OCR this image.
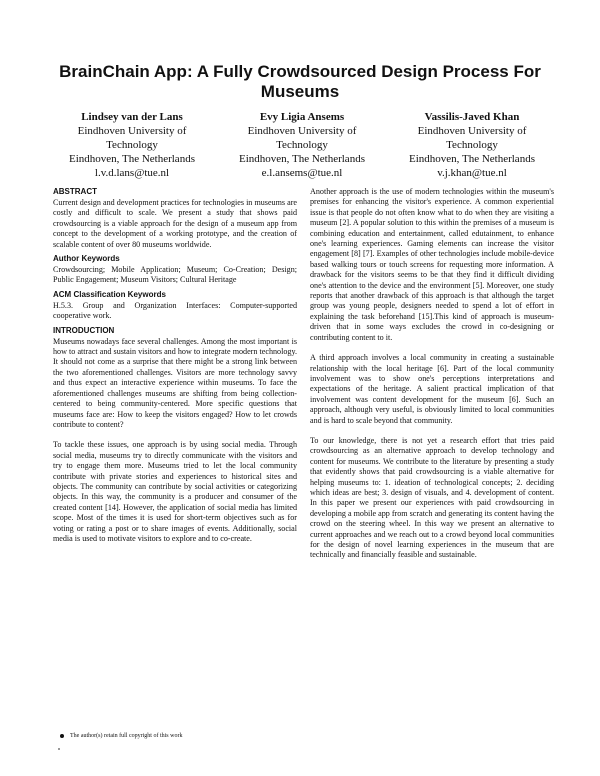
BrainChain App: A Fully Crowdsourced Design Process For Museums
Lindsey van der Lans
Eindhoven University of Technology
Eindhoven, The Netherlands
l.v.d.lans@tue.nl
Evy Ligia Ansems
Eindhoven University of Technology
Eindhoven, The Netherlands
e.l.ansems@tue.nl
Vassilis-Javed Khan
Eindhoven University of Technology
Eindhoven, The Netherlands
v.j.khan@tue.nl
ABSTRACT

Current design and development practices for technologies in museums are costly and difficult to scale. We present a study that shows paid crowdsourcing is a viable approach for the design of a museum app from concept to the development of a working prototype, and the creation of scalable content of over 80 museums worldwide.

Author Keywords

Crowdsourcing; Mobile Application; Museum; Co-Creation; Design; Public Engagement; Museum Visitors; Cultural Heritage

ACM Classification Keywords

H.5.3. Group and Organization Interfaces: Computer-supported cooperative work.

INTRODUCTION

Museums nowadays face several challenges. Among the most important is how to attract and sustain visitors and how to integrate modern technology. It should not come as a surprise that there might be a strong link between the two aforementioned challenges. Visitors are more technology savvy and thus expect an interactive experience within museums. To face the aforementioned challenges museums are shifting from being collection-centered to being community-centered. More specific questions that museums face are: How to keep the visitors engaged? How to let crowds contribute to content?

To tackle these issues, one approach is by using social media. Through social media, museums try to directly communicate with the visitors and try to engage them more. Museums tried to let the local community contribute with private stories and experiences to historical sites and objects. The community can contribute by social activities or categorizing objects. In this way, the community is a producer and consumer of the created content [14]. However, the application of social media has limited scope. Most of the times it is used for short-term objectives such as for voting or rating a post or to share images of events. Additionally, social media is used to motivate visitors to explore and to co-create.

Another approach is the use of modern technologies within the museum's premises for enhancing the visitor's experience. A common experiential issue is that people do not often know what to do when they are visiting a museum [2]. A popular solution to this within the premises of a museum is combining education and entertainment, called edutainment, to enhance one's learning experiences. Gaming elements can increase the visitor engagement [8] [7]. Examples of other technologies include mobile-device based walking tours or touch screens for requesting more information. A drawback for the visitors seems to be that they find it difficult dividing one's attention to the device and the environment [5]. Moreover, one study reports that another drawback of this approach is that although the target group was young people, designers needed to spend a lot of effort in explaining the task beforehand [15].This kind of approach is museum-driven that in some ways excludes the crowd in co-designing or contributing content to it.

A third approach involves a local community in creating a sustainable relationship with the local heritage [6]. Part of the local community involvement was to show one's perceptions interpretations and expectations of the heritage. A salient practical implication of that involvement was content development for the museum [6]. Such an approach, although very useful, is obviously limited to local communities and is hard to scale beyond that community.

To our knowledge, there is not yet a research effort that tries paid crowdsourcing as an alternative approach to develop technology and content for museums. We contribute to the literature by presenting a study that evidently shows that paid crowdsourcing is a viable alternative for helping museums to: 1. ideation of technological concepts; 2. deciding which ideas are best; 3. design of visuals, and 4. development of content. In this paper we present our experiences with paid crowdsourcing in developing a mobile app from scratch and generating its content having the crowd on the steering wheel. In this way we present an alternative to current approaches and we reach out to a crowd beyond local communities for the design of novel learning experiences in the museum that are technically and financially feasible and sustainable.

The author(s) retain full copyright of this work
